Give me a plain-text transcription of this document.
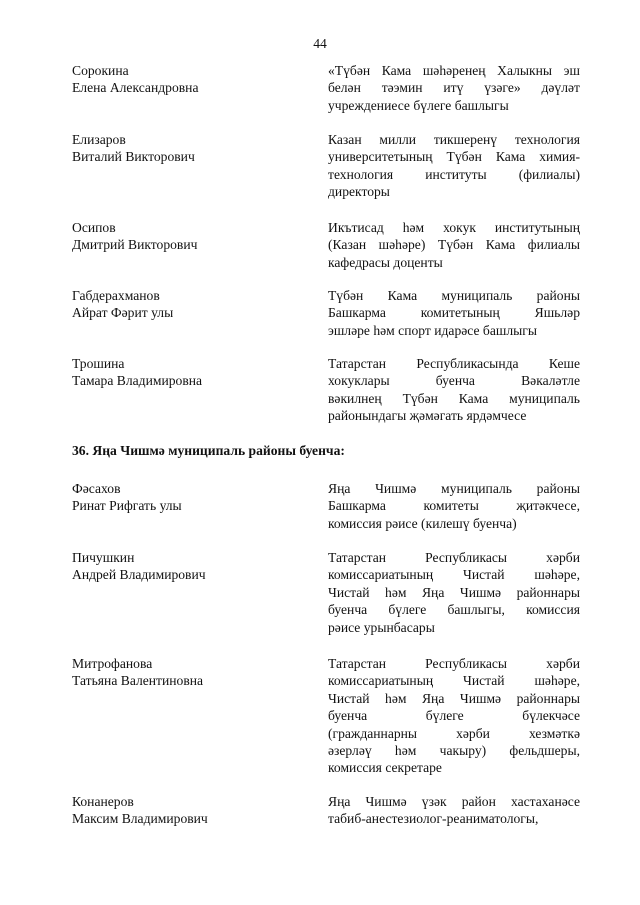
44
Сорокина
Елена Александровна
«Түбән Кама шәһәренең Халыкны эш
белән тәэмин итү үзәге» дәүләт
учреждениесе бүлеге башлыгы
Елизаров
Виталий Викторович
Казан милли тикшеренү технология
университетының Түбән Кама химия-
технология институты (филиалы)
директоры
Осипов
Дмитрий Викторович
Икътисад һәм хокук институтының
(Казан шәһәре) Түбән Кама филиалы
кафедрасы доценты
Габдерахманов
Айрат Фәрит улы
Түбән Кама муниципаль районы
Башкарма комитетының Яшьләр
эшләре һәм спорт идарәсе башлыгы
Трошина
Тамара Владимировна
Татарстан Республикасында Кеше
хокуклары буенча Вәкаләтле
вәкилнең Түбән Кама муниципаль
районындагы җәмәгать ярдәмчесе
36. Яңа Чишмә муниципаль районы буенча:
Фәсахов
Ринат Рифгать улы
Яңа Чишмә муниципаль районы
Башкарма комитеты җитәкчесе,
комиссия рәисе (килешү буенча)
Пичушкин
Андрей Владимирович
Татарстан Республикасы хәрби
комиссариатының Чистай шәһәре,
Чистай һәм Яңа Чишмә районнары
буенча бүлеге башлыгы, комиссия
рәисе урынбасары
Митрофанова
Татьяна Валентиновна
Татарстан Республикасы хәрби
комиссариатының Чистай шәһәре,
Чистай һәм Яңа Чишмә районнары
буенча бүлеге бүлекчәсе
(гражданнарны хәрби хезмәткә
әзерләү һәм чакыру) фельдшеры,
комиссия секретаре
Конанеров
Максим Владимирович
Яңа Чишмә үзәк район хастаханәсе
табиб-анестезиолог-реаниматологы,
